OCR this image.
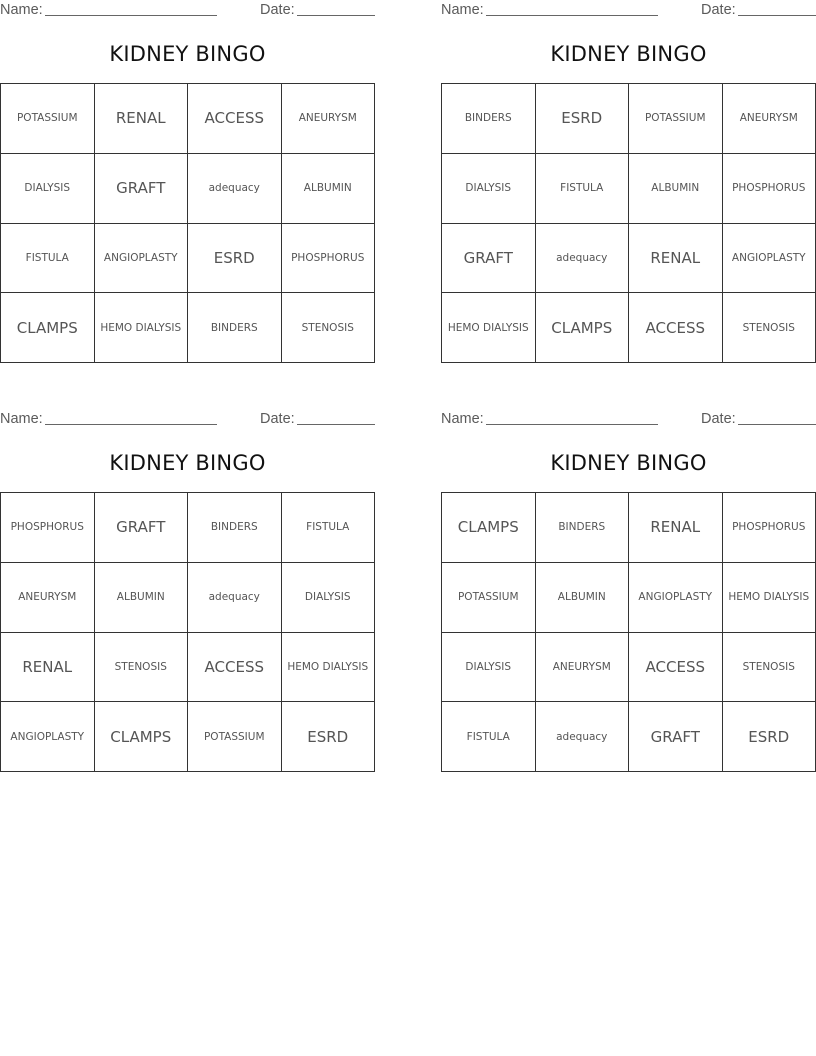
Name:	Date:
KIDNEY BINGO
POTASSIUM	RENAL	ACCESS	ANEURYSM
DIALYSIS	GRAFT	adequacy	ALBUMIN
FISTULA	ANGIOPLASTY	ESRD	PHOSPHORUS
CLAMPS	HEMO DIALYSIS	BINDERS	STENOSIS
Name:	Date:
KIDNEY BINGO
BINDERS	ESRD	POTASSIUM	ANEURYSM
DIALYSIS	FISTULA	ALBUMIN	PHOSPHORUS
GRAFT	adequacy	RENAL	ANGIOPLASTY
HEMO DIALYSIS	CLAMPS	ACCESS	STENOSIS
Name:	Date:
KIDNEY BINGO
PHOSPHORUS	GRAFT	BINDERS	FISTULA
ANEURYSM	ALBUMIN	adequacy	DIALYSIS
RENAL	STENOSIS	ACCESS	HEMO DIALYSIS
ANGIOPLASTY	CLAMPS	POTASSIUM	ESRD
Name:	Date:
KIDNEY BINGO
CLAMPS	BINDERS	RENAL	PHOSPHORUS
POTASSIUM	ALBUMIN	ANGIOPLASTY	HEMO DIALYSIS
DIALYSIS	ANEURYSM	ACCESS	STENOSIS
FISTULA	adequacy	GRAFT	ESRD
